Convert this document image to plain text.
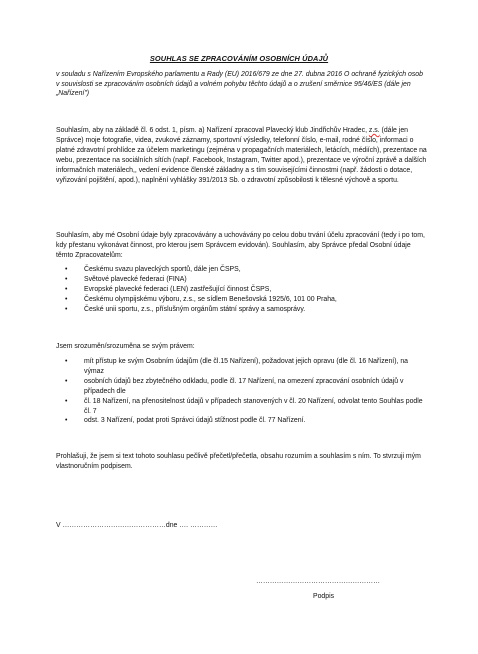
SOUHLAS SE ZPRACOVÁNÍM OSOBNÍCH ÚDAJŮ

v souladu s Nařízením Evropského parlamentu a Rady (EU) 2016/679 ze dne 27. dubna 2016 O ochraně fyzických osob v souvislosti se zpracováním osobních údajů a volném pohybu těchto údajů a o zrušení směrnice 95/46/ES (dále jen „Nařízení")

Souhlasím, aby na základě čl. 6 odst. 1, písm. a) Nařízení zpracoval Plavecký klub Jindřichův Hradec, z.s. (dále jen Správce) moje fotografie, videa, zvukové záznamy, sportovní výsledky, telefonní číslo, e-mail, rodné číslo, informaci o platné zdravotní prohlídce za účelem marketingu (zejména v propagačních materiálech, letácích, médiích), prezentace na webu, prezentace na sociálních sítích (např. Facebook, Instagram, Twitter apod.), prezentace ve výroční zprávě a dalších informačních materiálech,, vedení evidence členské základny a s tím souvisejícími činnostmi (např. žádosti o dotace, vyřizování pojištění, apod.), naplnění vyhlášky 391/2013 Sb. o zdravotní způsobilosti k tělesné výchově a sportu.

Souhlasím, aby mé Osobní údaje byly zpracovávány a uchovávány po celou dobu trvání účelu zpracování (tedy i po tom, kdy přestanu vykonávat činnost, pro kterou jsem Správcem evidován). Souhlasím, aby Správce předal Osobní údaje těmto Zpracovatelům:

• Českému svazu plaveckých sportů, dále jen ČSPS,
• Světové plavecké federaci (FINA)
• Evropské plavecké federaci (LEN) zastřešující činnost ČSPS,
• Českému olympijskému výboru, z.s., se sídlem Benešovská 1925/6, 101 00 Praha,
• České unii sportu, z.s., příslušným orgánům státní správy a samosprávy.

Jsem srozuměn/srozuměna se svým právem:

• mít přístup ke svým Osobním údajům (dle čl.15 Nařízení), požadovat jejich opravu (dle čl. 16 Nařízení), na výmaz
• osobních údajů bez zbytečného odkladu, podle čl. 17 Nařízení, na omezení zpracování osobních údajů v případech dle
• čl. 18 Nařízení, na přenositelnost údajů v případech stanovených v čl. 20 Nařízení, odvolat tento Souhlas podle čl. 7
• odst. 3 Nařízení, podat proti Správci údajů stížnost podle čl. 77 Nařízení.

Prohlašuji, že jsem si text tohoto souhlasu pečlivě přečetl/přečetla, obsahu rozumím a souhlasím s ním. To stvrzuji mým vlastnoručním podpisem.

V ………………………………………dne …. …………
………………………………………………
Podpis
